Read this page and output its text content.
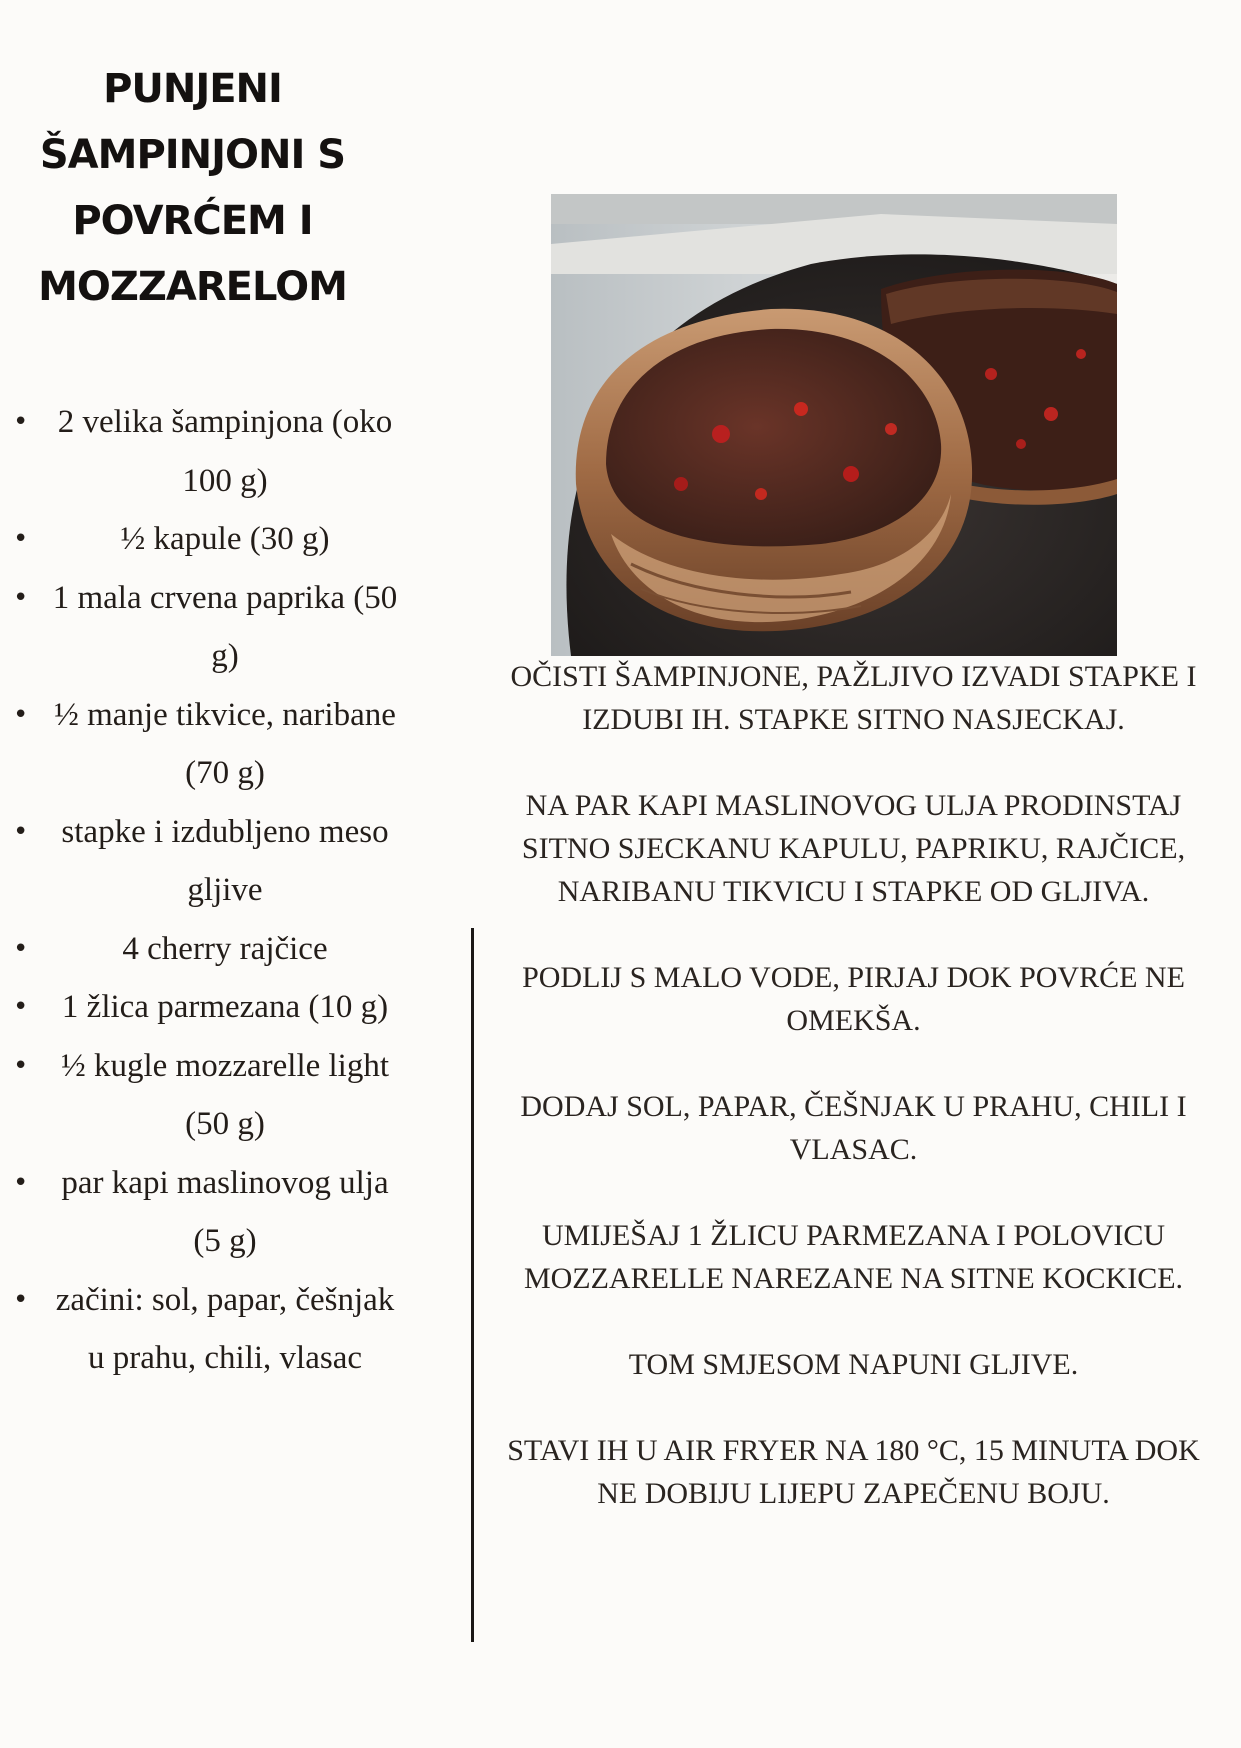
PUNJENI
ŠAMPINJONI S
POVRĆEM I
MOZZARELOM
• 2 velika šampinjona (oko 100 g)
•	½ kapule (30 g)
• 1 mala crvena paprika (50 g)
• ½ manje tikvice, naribane (70 g)
• stapke i izdubljeno meso gljive
•	4 cherry rajčice
• 1 žlica parmezana (10 g)
• ½ kugle mozzarelle light (50 g)
• par kapi maslinovog ulja (5 g)
• začini: sol, papar, češnjak u prahu, chili, vlasac

OČISTI ŠAMPINJONE, PAŽLJIVO IZVADI STAPKE I IZDUBI IH. STAPKE SITNO NASJECKAJ.

NA PAR KAPI MASLINOVOG ULJA PRODINSTAJ SITNO SJECKANU KAPULU, PAPRIKU, RAJČICE, NARIBANU TIKVICU I STAPKE OD GLJIVA.

PODLIJ S MALO VODE, PIRJAJ DOK POVRĆE NE OMEKŠA.

DODAJ SOL, PAPAR, ČEŠNJAK U PRAHU, CHILI I VLASAC.

UMIJEŠAJ 1 ŽLICU PARMEZANA I POLOVICU MOZZARELLE NAREZANE NA SITNE KOCKICE.

TOM SMJESOM NAPUNI GLJIVE.

STAVI IH U AIR FRYER NA 180 °C, 15 MINUTA DOK NE DOBIJU LIJEPU ZAPEČENU BOJU.
